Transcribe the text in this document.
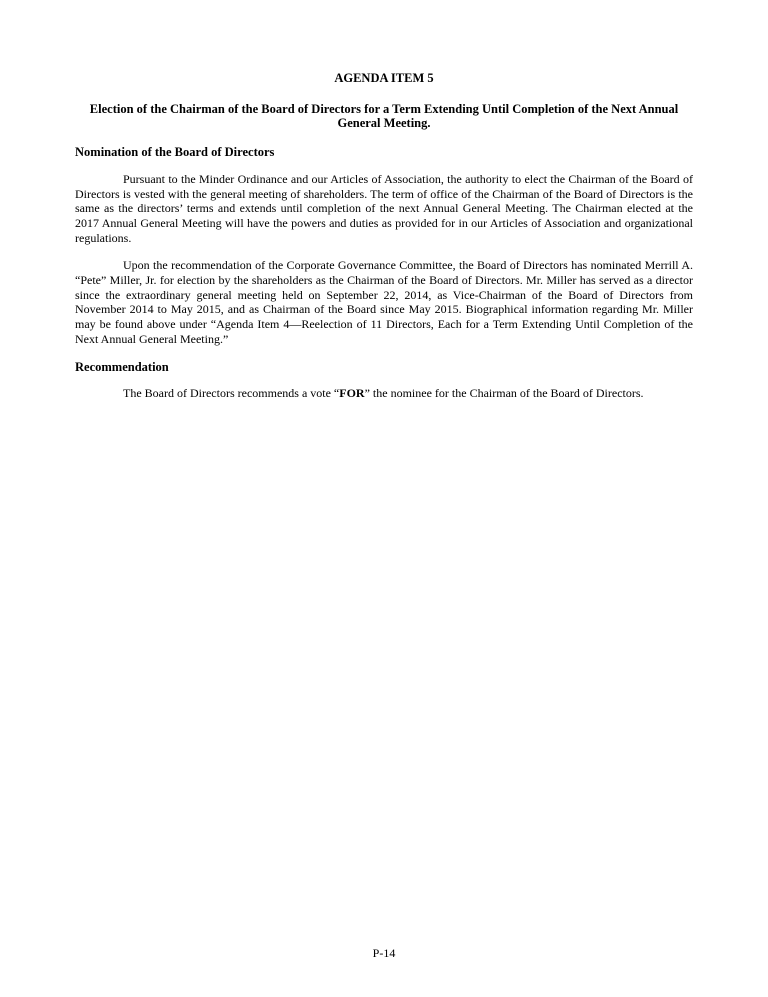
AGENDA ITEM 5
Election of the Chairman of the Board of Directors for a Term Extending Until Completion of the Next Annual General Meeting.
Nomination of the Board of Directors

Pursuant to the Minder Ordinance and our Articles of Association, the authority to elect the Chairman of the Board of Directors is vested with the general meeting of shareholders. The term of office of the Chairman of the Board of Directors is the same as the directors’ terms and extends until completion of the next Annual General Meeting. The Chairman elected at the 2017 Annual General Meeting will have the powers and duties as provided for in our Articles of Association and organizational regulations.

Upon the recommendation of the Corporate Governance Committee, the Board of Directors has nominated Merrill A. “Pete” Miller, Jr. for election by the shareholders as the Chairman of the Board of Directors. Mr. Miller has served as a director since the extraordinary general meeting held on September 22, 2014, as Vice-Chairman of the Board of Directors from November 2014 to May 2015, and as Chairman of the Board since May 2015. Biographical information regarding Mr. Miller may be found above under “Agenda Item 4—Reelection of 11 Directors, Each for a Term Extending Until Completion of the Next Annual General Meeting.”

Recommendation

The Board of Directors recommends a vote “FOR” the nominee for the Chairman of the Board of Directors.

P-14
